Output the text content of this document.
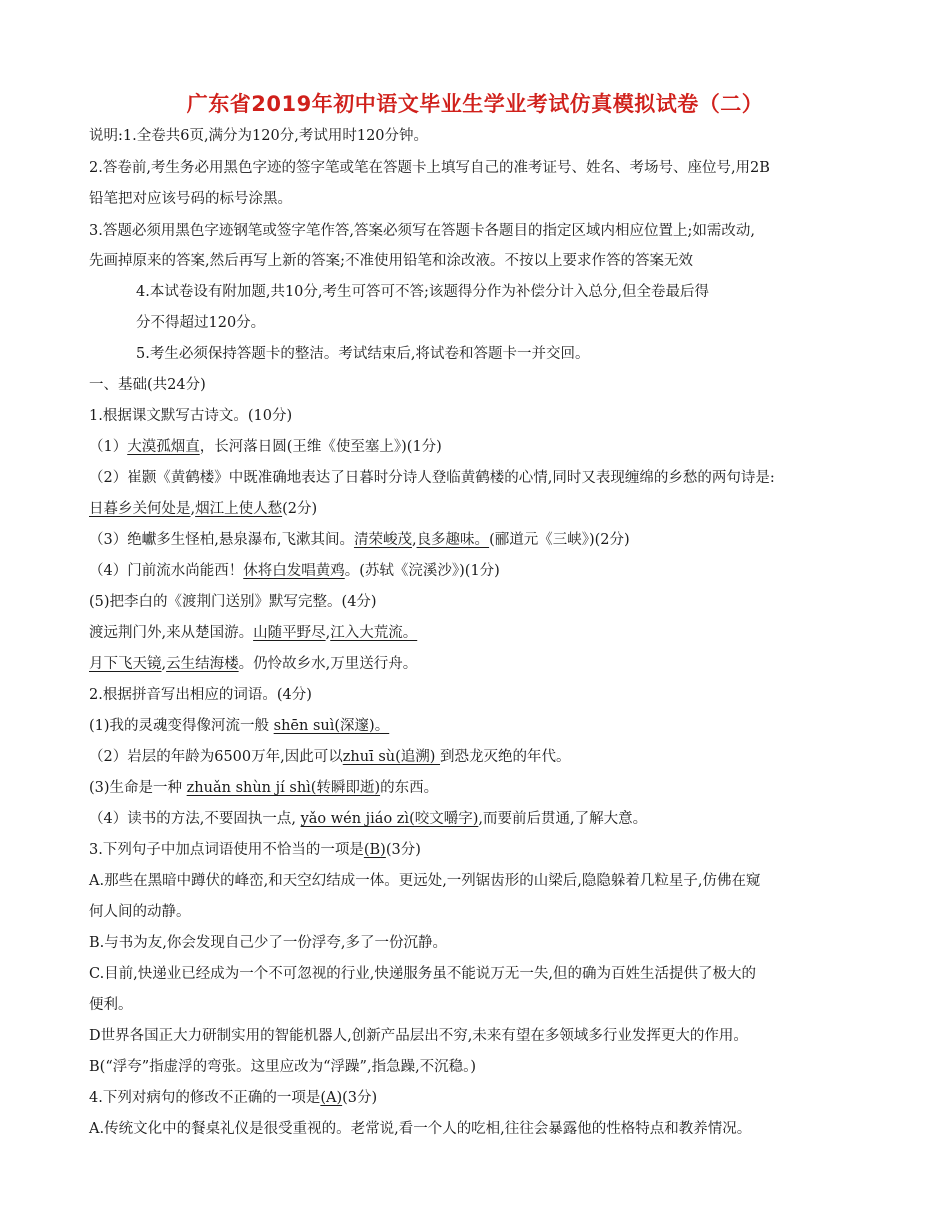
广东省2019年初中语文毕业生学业考试仿真模拟试卷（二）
说明:1.全卷共6页,满分为120分,考试用时120分钟。
2.答卷前,考生务必用黑色字迹的签字笔或笔在答题卡上填写自己的准考证号、姓名、考场号、座位号,用2B
铅笔把对应该号码的标号涂黑。
3.答题必须用黑色字迹钢笔或签字笔作答,答案必须写在答题卡各题目的指定区域内相应位置上;如需改动,
先画掉原来的答案,然后再写上新的答案;不准使用铅笔和涂改液。不按以上要求作答的答案无效
4.本试卷设有附加题,共10分,考生可答可不答;该题得分作为补偿分计入总分,但全卷最后得
分不得超过120分。
5.考生必须保持答题卡的整洁。考试结束后,将试卷和答题卡一并交回。
一、基础(共24分)
1.根据课文默写古诗文。(10分)
（1）大漠孤烟直，长河落日圆(王维《使至塞上》)(1分)
（2）崔颢《黄鹤楼》中既准确地表达了日暮时分诗人登临黄鹤楼的心情,同时又表现缠绵的乡愁的两句诗是:
日暮乡关何处是,烟江上使人愁(2分)
（3）绝巘多生怪柏,悬泉瀑布,飞漱其间。清荣峻茂,良多趣味。(郦道元《三峡》)(2分)
（4）门前流水尚能西！休将白发唱黄鸡。(苏轼《浣溪沙》)(1分)
(5)把李白的《渡荆门送别》默写完整。(4分)
渡远荆门外,来从楚国游。山随平野尽,江入大荒流。
月下飞天镜,云生结海楼。仍怜故乡水,万里送行舟。
2.根据拼音写出相应的词语。(4分)
(1)我的灵魂变得像河流一般 shēn suì(深邃)。
（2）岩层的年龄为6500万年,因此可以zhuī sù(追溯) 到恐龙灭绝的年代。
(3)生命是一种 zhuǎn shùn jí shì(转瞬即逝)的东西。
（4）读书的方法,不要固执一点, yǎo wén jiáo zì(咬文嚼字),而要前后贯通,了解大意。
3.下列句子中加点词语使用不恰当的一项是(B)(3分)
A.那些在黑暗中蹲伏的峰峦,和天空幻结成一体。更远处,一列锯齿形的山梁后,隐隐躲着几粒星子,仿佛在窥
何人间的动静。
B.与书为友,你会发现自己少了一份浮夸,多了一份沉静。
C.目前,快递业已经成为一个不可忽视的行业,快递服务虽不能说万无一失,但的确为百姓生活提供了极大的
便利。
D世界各国正大力研制实用的智能机器人,创新产品层出不穷,未来有望在多领域多行业发挥更大的作用。
B(“浮夸”指虚浮的弯张。这里应改为“浮躁”,指急躁,不沉稳。)
4.下列对病句的修改不正确的一项是(A)(3分)
A.传统文化中的餐桌礼仪是很受重视的。老常说,看一个人的吃相,往往会暴露他的性格特点和教养情况。
